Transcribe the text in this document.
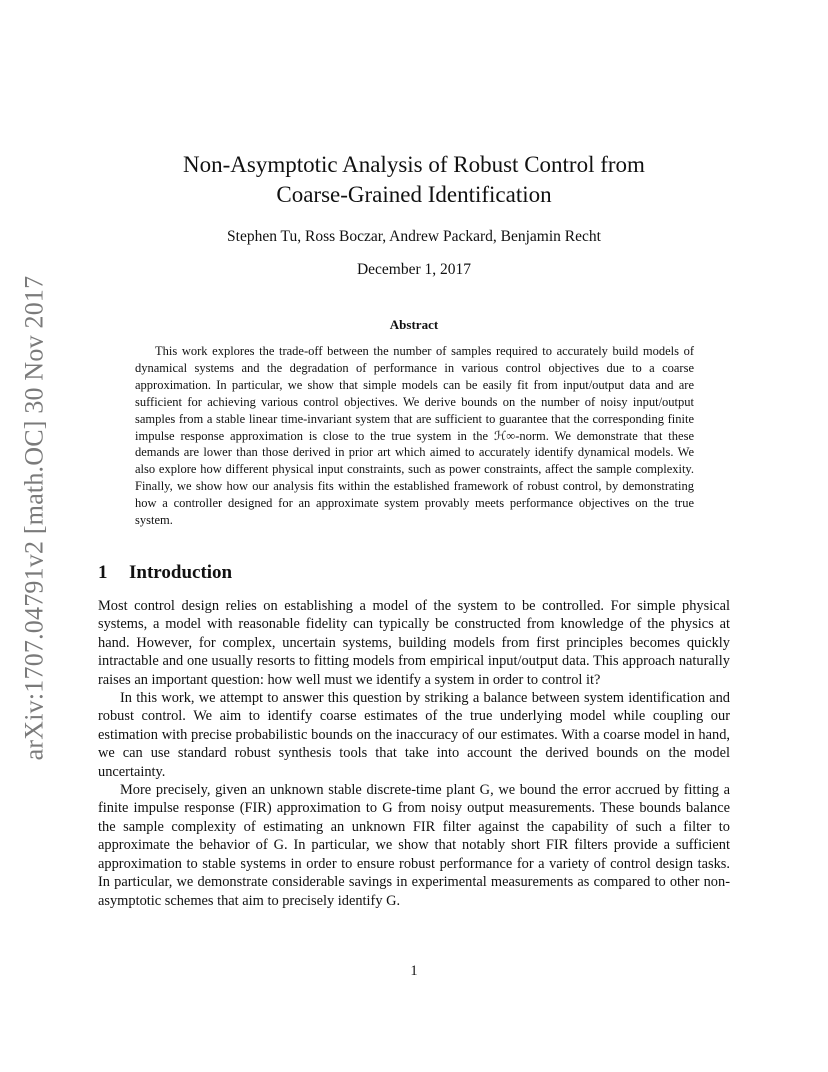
arXiv:1707.04791v2 [math.OC] 30 Nov 2017
Non-Asymptotic Analysis of Robust Control from
Coarse-Grained Identification
Stephen Tu, Ross Boczar, Andrew Packard, Benjamin Recht
December 1, 2017
Abstract

This work explores the trade-off between the number of samples required to accurately build models of dynamical systems and the degradation of performance in various control objectives due to a coarse approximation. In particular, we show that simple models can be easily fit from input/output data and are sufficient for achieving various control objectives. We derive bounds on the number of noisy input/output samples from a stable linear time-invariant system that are sufficient to guarantee that the corresponding finite impulse response approximation is close to the true system in the ℋ∞-norm. We demonstrate that these demands are lower than those derived in prior art which aimed to accurately identify dynamical models. We also explore how different physical input constraints, such as power constraints, affect the sample complexity. Finally, we show how our analysis fits within the established framework of robust control, by demonstrating how a controller designed for an approximate system provably meets performance objectives on the true system.

1 Introduction

Most control design relies on establishing a model of the system to be controlled. For simple physical systems, a model with reasonable fidelity can typically be constructed from knowledge of the physics at hand. However, for complex, uncertain systems, building models from first principles becomes quickly intractable and one usually resorts to fitting models from empirical input/output data. This approach naturally raises an important question: how well must we identify a system in order to control it?

In this work, we attempt to answer this question by striking a balance between system identification and robust control. We aim to identify coarse estimates of the true underlying model while coupling our estimation with precise probabilistic bounds on the inaccuracy of our estimates. With a coarse model in hand, we can use standard robust synthesis tools that take into account the derived bounds on the model uncertainty.

More precisely, given an unknown stable discrete-time plant G, we bound the error accrued by fitting a finite impulse response (FIR) approximation to G from noisy output measurements. These bounds balance the sample complexity of estimating an unknown FIR filter against the capability of such a filter to approximate the behavior of G. In particular, we show that notably short FIR filters provide a sufficient approximation to stable systems in order to ensure robust performance for a variety of control design tasks. In particular, we demonstrate considerable savings in experimental measurements as compared to other non-asymptotic schemes that aim to precisely identify G.

1
